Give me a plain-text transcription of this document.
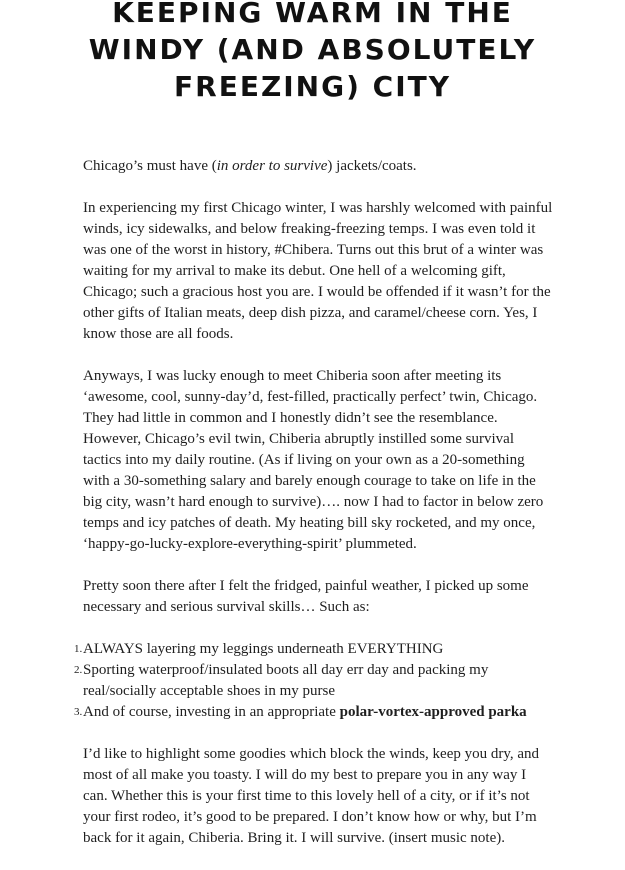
KEEPING WARM IN THE
WINDY (AND ABSOLUTELY
FREEZING) CITY

Chicago’s must have (in order to survive) jackets/coats.

In experiencing my first Chicago winter, I was harshly welcomed with painful winds, icy sidewalks, and below freaking-freezing temps. I was even told it was one of the worst in history, #Chibera. Turns out this brut of a winter was waiting for my arrival to make its debut. One hell of a welcoming gift, Chicago; such a gracious host you are. I would be offended if it wasn’t for the other gifts of Italian meats, deep dish pizza, and caramel/cheese corn. Yes, I know those are all foods.

Anyways, I was lucky enough to meet Chiberia soon after meeting its ‘awesome, cool, sunny-day’d, fest-filled, practically perfect’ twin, Chicago. They had little in common and I honestly didn’t see the resemblance. However, Chicago’s evil twin, Chiberia abruptly instilled some survival tactics into my daily routine. (As if living on your own as a 20-something with a 30-something salary and barely enough courage to take on life in the big city, wasn’t hard enough to survive)…. now I had to factor in below zero temps and icy patches of death. My heating bill sky rocketed, and my once, ‘happy-go-lucky-explore-everything-spirit’ plummeted.

Pretty soon there after I felt the fridged, painful weather, I picked up some necessary and serious survival skills… Such as:

1. ALWAYS layering my leggings underneath EVERYTHING
2. Sporting waterproof/insulated boots all day err day and packing my real/socially acceptable shoes in my purse
3. And of course, investing in an appropriate polar-vortex-approved parka

I’d like to highlight some goodies which block the winds, keep you dry, and most of all make you toasty. I will do my best to prepare you in any way I can. Whether this is your first time to this lovely hell of a city, or if it’s not your first rodeo, it’s good to be prepared. I don’t know how or why, but I’m back for it again, Chiberia. Bring it. I will survive. (insert music note).
